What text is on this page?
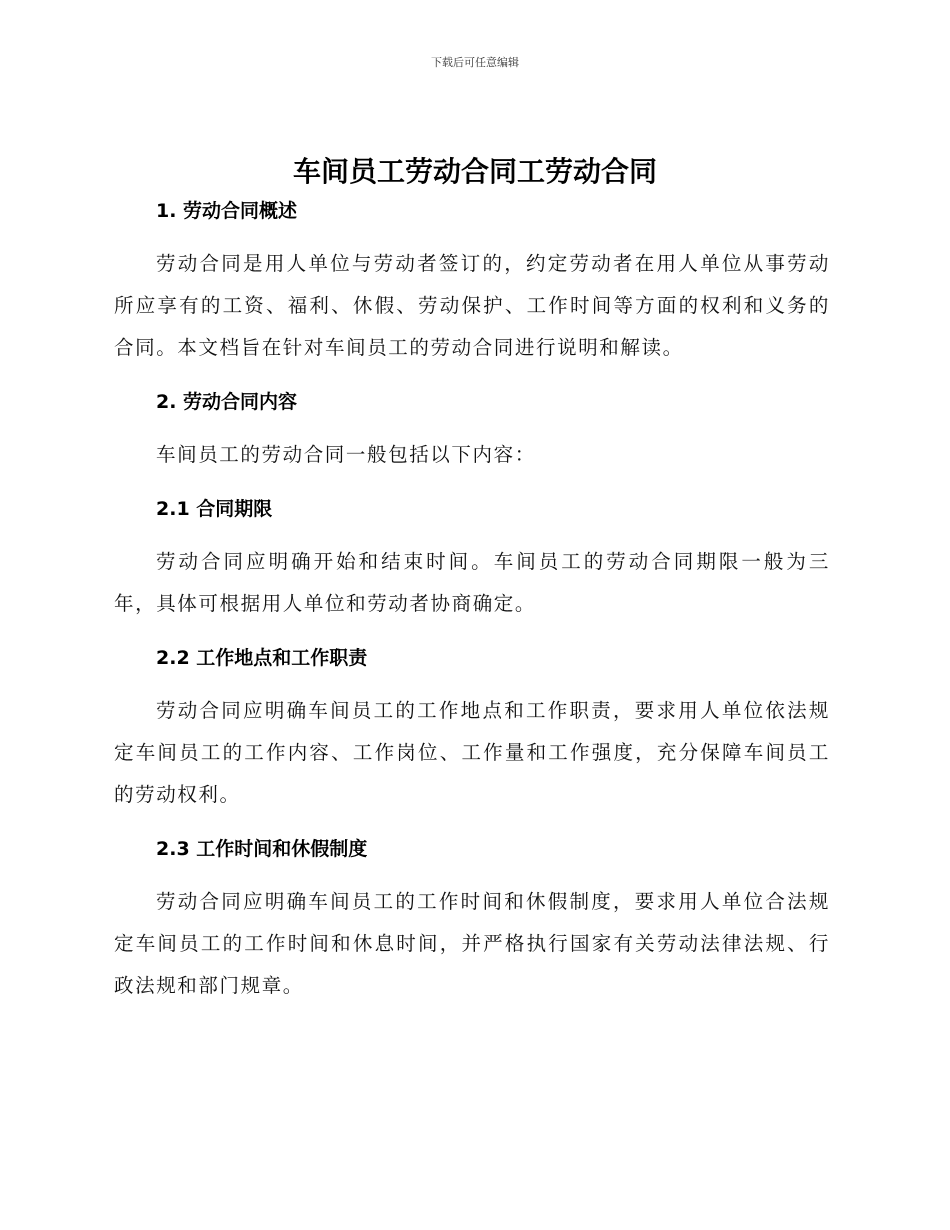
下载后可任意编辑
车间员工劳动合同工劳动合同
1. 劳动合同概述

劳动合同是用人单位与劳动者签订的，约定劳动者在用人单位从事劳动所应享有的工资、福利、休假、劳动保护、工作时间等方面的权利和义务的合同。本文档旨在针对车间员工的劳动合同进行说明和解读。

2. 劳动合同内容

车间员工的劳动合同一般包括以下内容：

2.1 合同期限

劳动合同应明确开始和结束时间。车间员工的劳动合同期限一般为三年，具体可根据用人单位和劳动者协商确定。

2.2 工作地点和工作职责

劳动合同应明确车间员工的工作地点和工作职责，要求用人单位依法规定车间员工的工作内容、工作岗位、工作量和工作强度，充分保障车间员工的劳动权利。

2.3 工作时间和休假制度

劳动合同应明确车间员工的工作时间和休假制度，要求用人单位合法规定车间员工的工作时间和休息时间，并严格执行国家有关劳动法律法规、行政法规和部门规章。
